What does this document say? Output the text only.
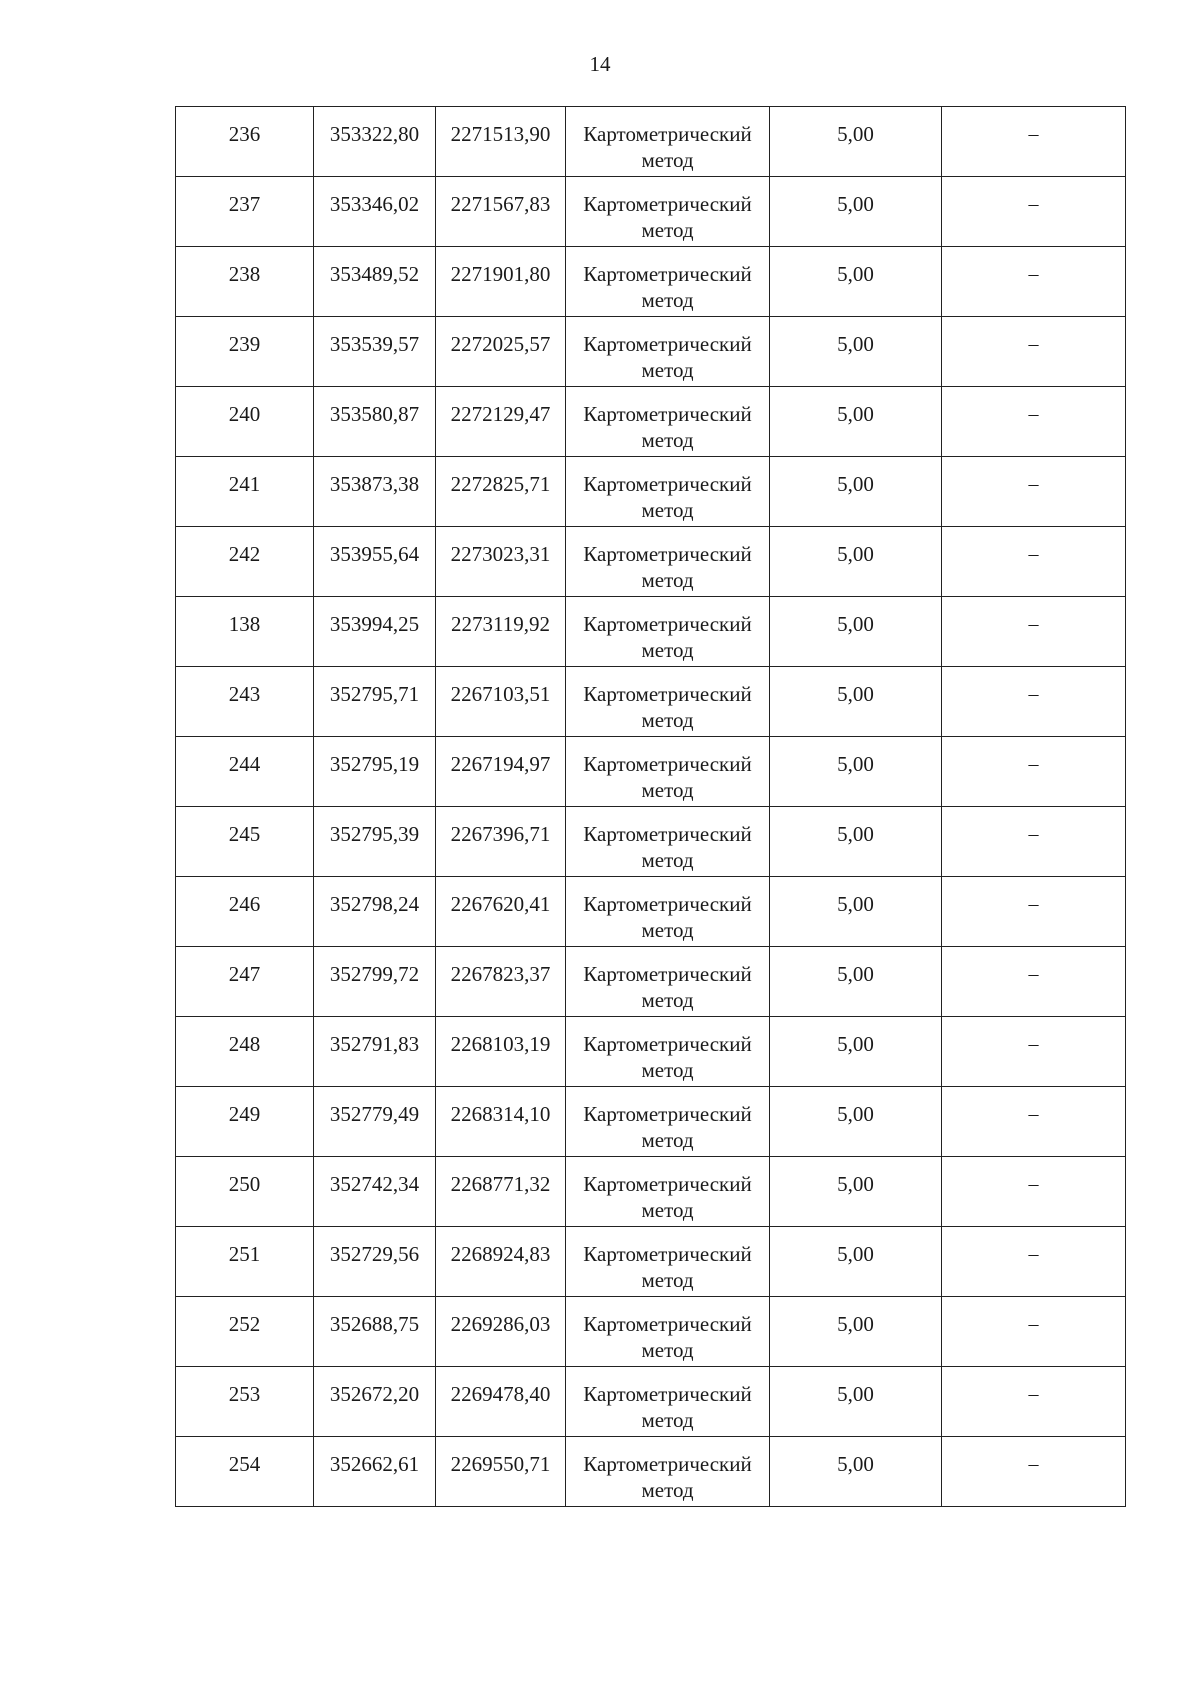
14
236	353322,80	2271513,90	Картометрический метод	5,00	–
237	353346,02	2271567,83	Картометрический метод	5,00	–
238	353489,52	2271901,80	Картометрический метод	5,00	–
239	353539,57	2272025,57	Картометрический метод	5,00	–
240	353580,87	2272129,47	Картометрический метод	5,00	–
241	353873,38	2272825,71	Картометрический метод	5,00	–
242	353955,64	2273023,31	Картометрический метод	5,00	–
138	353994,25	2273119,92	Картометрический метод	5,00	–
243	352795,71	2267103,51	Картометрический метод	5,00	–
244	352795,19	2267194,97	Картометрический метод	5,00	–
245	352795,39	2267396,71	Картометрический метод	5,00	–
246	352798,24	2267620,41	Картометрический метод	5,00	–
247	352799,72	2267823,37	Картометрический метод	5,00	–
248	352791,83	2268103,19	Картометрический метод	5,00	–
249	352779,49	2268314,10	Картометрический метод	5,00	–
250	352742,34	2268771,32	Картометрический метод	5,00	–
251	352729,56	2268924,83	Картометрический метод	5,00	–
252	352688,75	2269286,03	Картометрический метод	5,00	–
253	352672,20	2269478,40	Картометрический метод	5,00	–
254	352662,61	2269550,71	Картометрический метод	5,00	–
